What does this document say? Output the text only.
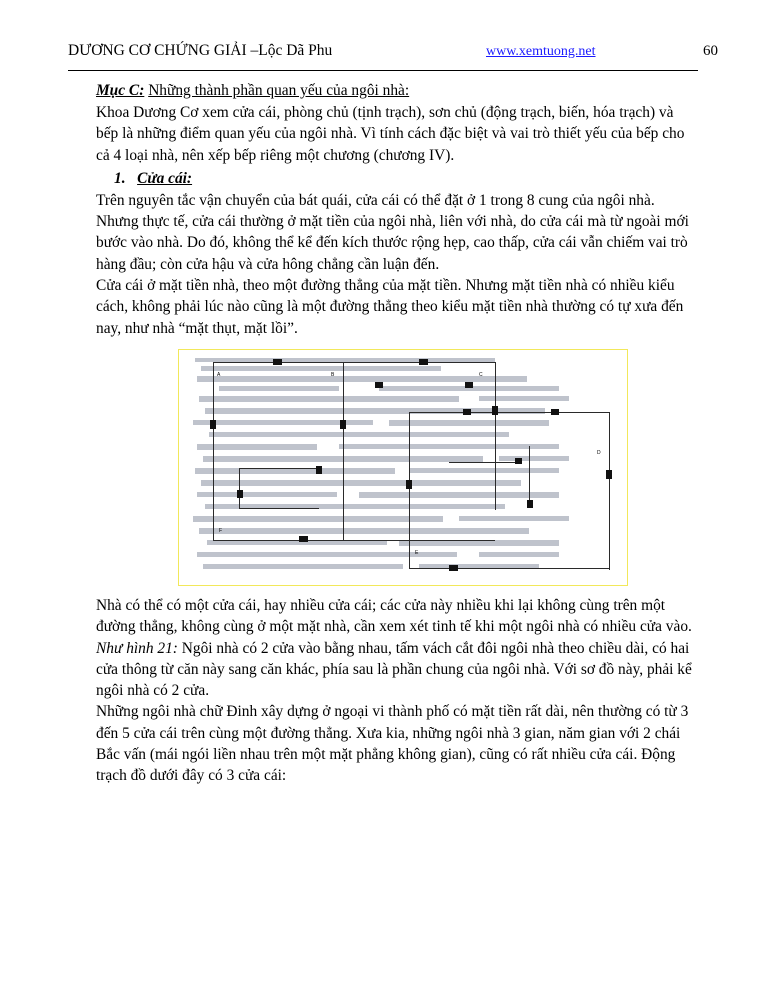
DƯƠNG CƠ CHỨNG GIẢI –Lộc Dã Phu	www.xemtuong.net	60

Mục C: Những thành phần quan yếu của ngôi nhà:

Khoa Dương Cơ xem cửa cái, phòng chủ (tịnh trạch), sơn chủ (động trạch, biến, hóa trạch) và bếp là những điểm quan yếu của ngôi nhà. Vì tính cách đặc biệt và vai trò thiết yếu của bếp cho cả 4 loại nhà, nên xếp bếp riêng một chương (chương IV).

1. Cửa cái:

Trên nguyên tắc vận chuyển của bát quái, cửa cái có thể đặt ở 1 trong 8 cung của ngôi nhà. Nhưng thực tế, cửa cái thường ở mặt tiền của ngôi nhà, liên với nhà, do cửa cái mà từ ngoài mới bước vào nhà. Do đó, không thể kể đến kích thước rộng hẹp, cao thấp, cửa cái vẫn chiếm vai trò hàng đầu; còn cửa hậu và cửa hông chẳng cần luận đến.

Cửa cái ở mặt tiền nhà, theo một đường thẳng của mặt tiền. Nhưng mặt tiền nhà có nhiều kiểu cách, không phải lúc nào cũng là một đường thẳng theo kiểu mặt tiền nhà thường có tự xưa đến nay, như nhà “mặt thụt, mặt lồi”.

A	B	C
D
E
F

Nhà có thể có một cửa cái, hay nhiều cửa cái; các cửa này nhiều khi lại không cùng trên một đường thẳng, không cùng ở một mặt nhà, cần xem xét tinh tế khi một ngôi nhà có nhiều cửa vào. Như hình 21: Ngôi nhà có 2 cửa vào bằng nhau, tấm vách cắt đôi ngôi nhà theo chiều dài, có hai cửa thông từ căn này sang căn khác, phía sau là phần chung của ngôi nhà. Với sơ đồ này, phải kể ngôi nhà có 2 cửa.

Những ngôi nhà chữ Đinh xây dựng ở ngoại vi thành phố có mặt tiền rất dài, nên thường có từ 3 đến 5 cửa cái trên cùng một đường thẳng. Xưa kia, những ngôi nhà 3 gian, năm gian với 2 chái Bắc vấn (mái ngói liền nhau trên một mặt phẳng không gian), cũng có rất nhiều cửa cái. Động trạch đồ dưới đây có 3 cửa cái:
